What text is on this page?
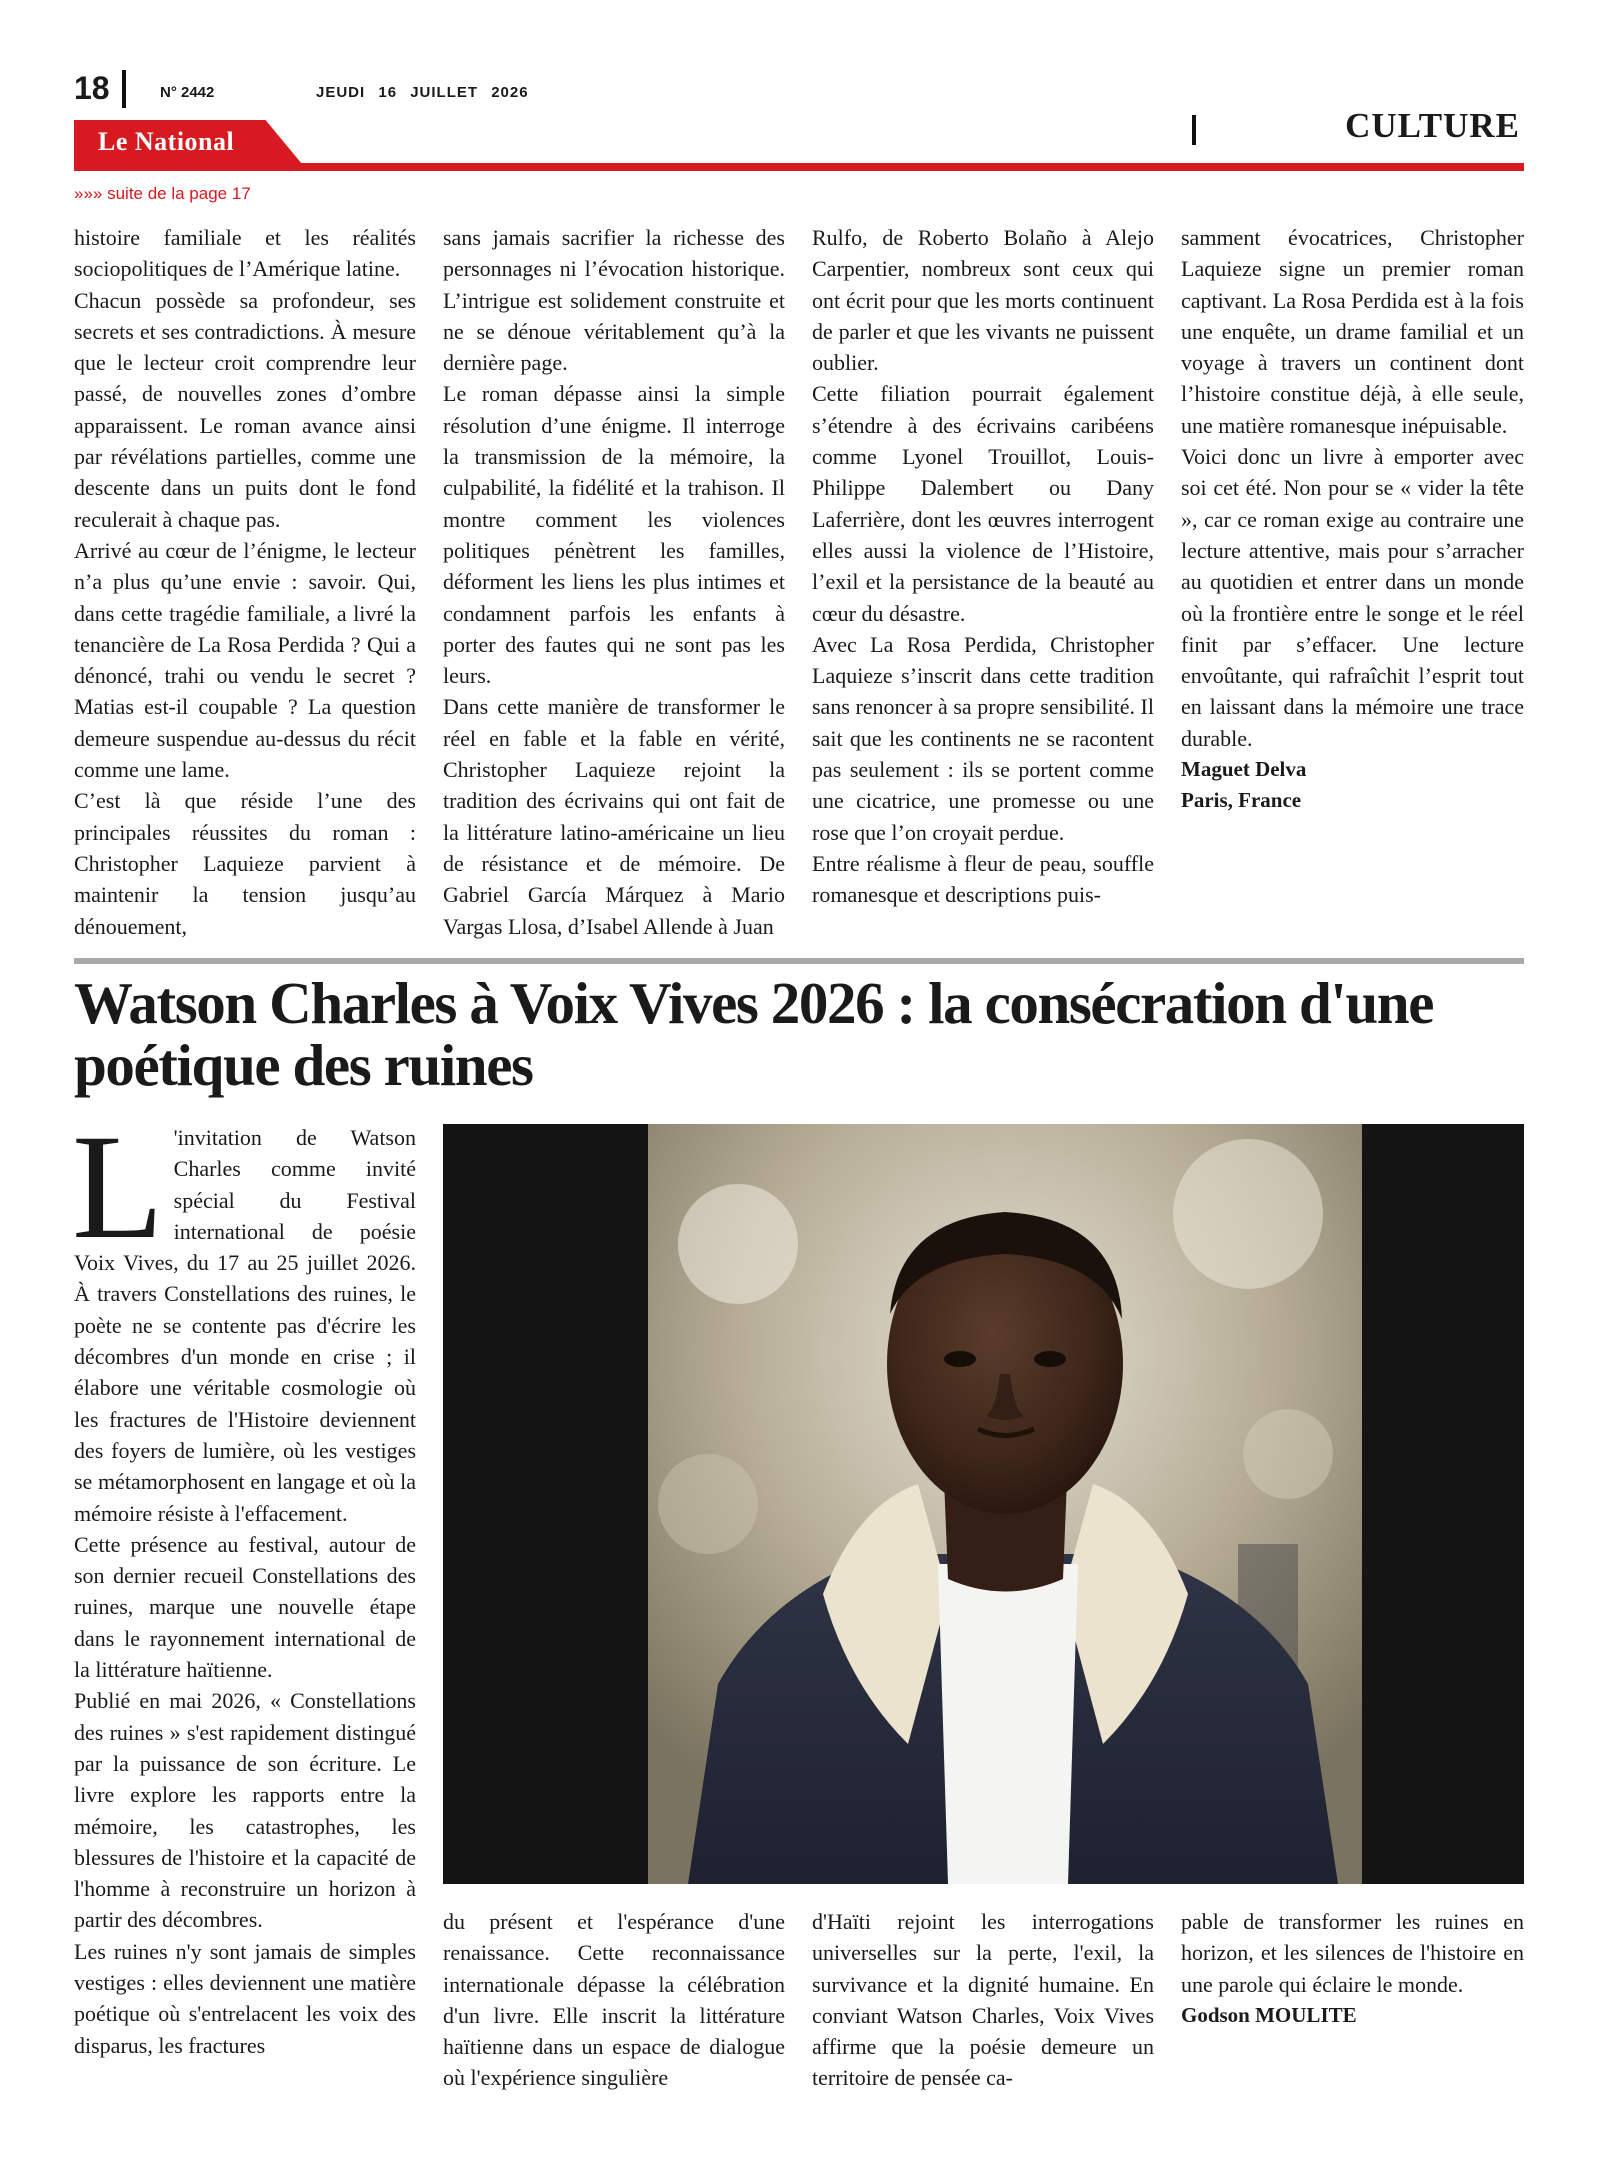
18	N° 2442	JEUDI 16 JUILLET 2026
CULTURE
Le National
»»» suite de la page 17

histoire familiale et les réalités sociopolitiques de l’Amérique latine.

Chacun possède sa profondeur, ses secrets et ses contradictions. À mesure que le lecteur croit comprendre leur passé, de nouvelles zones d’ombre apparaissent. Le roman avance ainsi par révélations partielles, comme une descente dans un puits dont le fond reculerait à chaque pas.

Arrivé au cœur de l’énigme, le lecteur n’a plus qu’une envie : savoir. Qui, dans cette tragédie familiale, a livré la tenancière de La Rosa Perdida ? Qui a dénoncé, trahi ou vendu le secret ? Matias est-il coupable ? La question demeure suspendue au-dessus du récit comme une lame.

C’est là que réside l’une des principales réussites du roman : Christopher Laquieze parvient à maintenir la tension jusqu’au dénouement,

sans jamais sacrifier la richesse des personnages ni l’évocation historique. L’intrigue est solidement construite et ne se dénoue véritablement qu’à la dernière page.

Le roman dépasse ainsi la simple résolution d’une énigme. Il interroge la transmission de la mémoire, la culpabilité, la fidélité et la trahison. Il montre comment les violences politiques pénètrent les familles, déforment les liens les plus intimes et condamnent parfois les enfants à porter des fautes qui ne sont pas les leurs.

Dans cette manière de transformer le réel en fable et la fable en vérité, Christopher Laquieze rejoint la tradition des écrivains qui ont fait de la littérature latino-américaine un lieu de résistance et de mémoire. De Gabriel García Márquez à Mario Vargas Llosa, d’Isabel Allende à Juan

Rulfo, de Roberto Bolaño à Alejo Carpentier, nombreux sont ceux qui ont écrit pour que les morts continuent de parler et que les vivants ne puissent oublier.

Cette filiation pourrait également s’étendre à des écrivains caribéens comme Lyonel Trouillot, Louis-Philippe Dalembert ou Dany Laferrière, dont les œuvres interrogent elles aussi la violence de l’Histoire, l’exil et la persistance de la beauté au cœur du désastre.

Avec La Rosa Perdida, Christopher Laquieze s’inscrit dans cette tradition sans renoncer à sa propre sensibilité. Il sait que les continents ne se racontent pas seulement : ils se portent comme une cicatrice, une promesse ou une rose que l’on croyait perdue.

Entre réalisme à fleur de peau, souffle romanesque et descriptions puis-

samment évocatrices, Christopher Laquieze signe un premier roman captivant. La Rosa Perdida est à la fois une enquête, un drame familial et un voyage à travers un continent dont l’histoire constitue déjà, à elle seule, une matière romanesque inépuisable.

Voici donc un livre à emporter avec soi cet été. Non pour se « vider la tête », car ce roman exige au contraire une lecture attentive, mais pour s’arracher au quotidien et entrer dans un monde où la frontière entre le songe et le réel finit par s’effacer. Une lecture envoûtante, qui rafraîchit l’esprit tout en laissant dans la mémoire une trace durable.

Maguet Delva
Paris, France

Watson Charles à Voix Vives 2026 : la consécration d'une poétique des ruines

L 'invitation de Watson Charles comme invité spécial du Festival international de poésie Voix Vives, du 17 au 25 juillet 2026. À travers Constellations des ruines, le poète ne se contente pas d'écrire les décombres d'un monde en crise ; il élabore une véritable cosmologie où les fractures de l'Histoire deviennent des foyers de lumière, où les vestiges se métamorphosent en langage et où la mémoire résiste à l'effacement.

Cette présence au festival, autour de son dernier recueil Constellations des ruines, marque une nouvelle étape dans le rayonnement international de la littérature haïtienne.

Publié en mai 2026, « Constellations des ruines » s'est rapidement distingué par la puissance de son écriture. Le livre explore les rapports entre la mémoire, les catastrophes, les blessures de l'histoire et la capacité de l'homme à reconstruire un horizon à partir des décombres.

Les ruines n'y sont jamais de simples vestiges : elles deviennent une matière poétique où s'entrelacent les voix des disparus, les fractures

du présent et l'espérance d'une renaissance. Cette reconnaissance internationale dépasse la célébration d'un livre. Elle inscrit la littérature haïtienne dans un espace de dialogue où l'expérience singulière

d'Haïti rejoint les interrogations universelles sur la perte, l'exil, la survivance et la dignité humaine. En conviant Watson Charles, Voix Vives affirme que la poésie demeure un territoire de pensée ca-

pable de transformer les ruines en horizon, et les silences de l'histoire en une parole qui éclaire le monde.

Godson MOULITE
